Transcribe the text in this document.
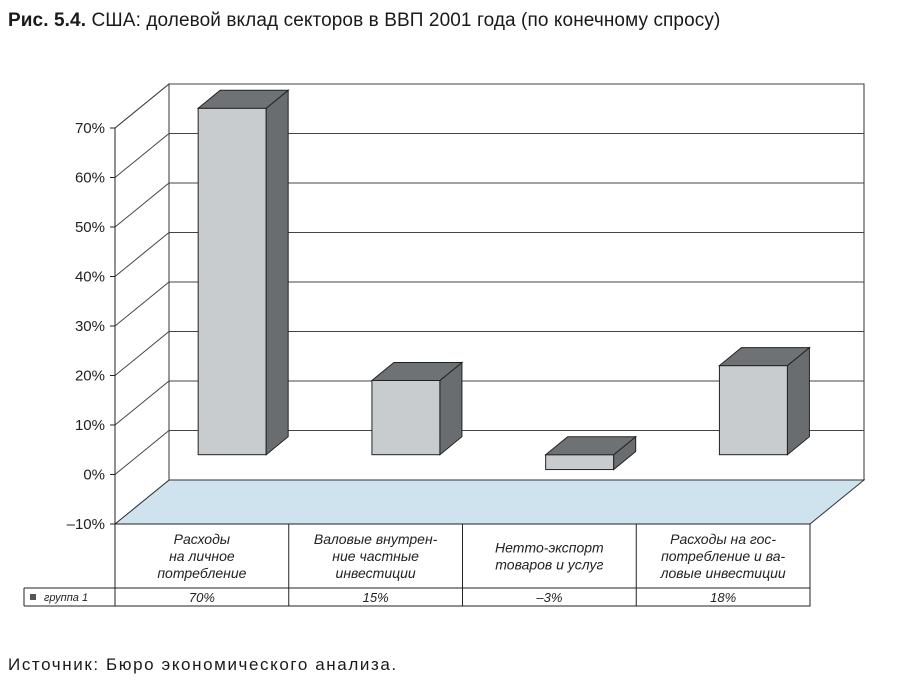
Рис. 5.4. США: долевой вклад секторов в ВВП 2001 года (по конечному спросу)
–10%
0%
10%
20%
30%
40%
50%
60%
70%
группа 1
Расходы на личное потребление
70%
Валовые внутрен-ние частные инвестиции
15%
Нетто-экспорт товаров и услуг
–3%
Расходы на гос-потребление и ва-ловые инвестиции
18%
Источник: Бюро экономического анализа.
